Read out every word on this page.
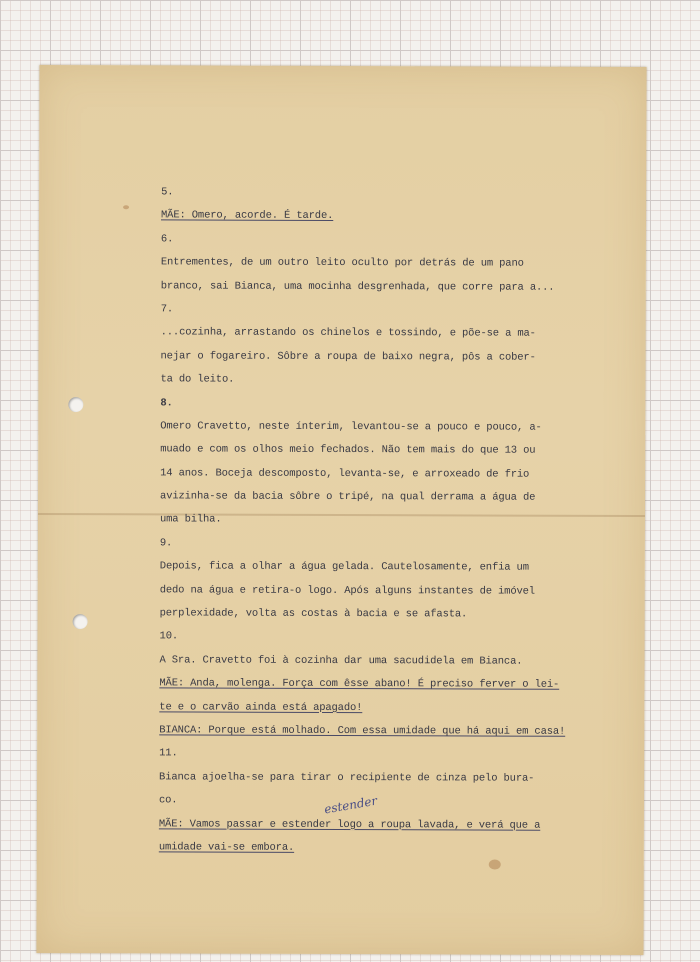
5.
MÃE: Omero, acorde. É tarde.
6.
Entrementes, de um outro leito oculto por detrás de um pano
branco, sai Bianca, uma mocinha desgrenhada, que corre para a...
7.
...cozinha, arrastando os chinelos e tossindo, e põe-se a ma-
nejar o fogareiro. Sôbre a roupa de baixo negra, pôs a cober-
ta do leito.
8.
Omero Cravetto, neste ínterim, levantou-se a pouco e pouco, a-
muado e com os olhos meio fechados. Não tem mais do que 13 ou
14 anos. Boceja descomposto, levanta-se, e arroxeado de frio
avizinha-se da bacia sôbre o tripé, na qual derrama a água de
uma bilha.
9.
Depois, fica a olhar a água gelada. Cautelosamente, enfia um
dedo na água e retira-o logo. Após alguns instantes de imóvel
perplexidade, volta as costas à bacia e se afasta.
10.
A Sra. Cravetto foi à cozinha dar uma sacudidela em Bianca.
MÃE: Anda, molenga. Força com êsse abano! É preciso ferver o lei-
te e o carvão ainda está apagado!
BIANCA: Porque está molhado. Com essa umidade que há aqui em casa!
11.
Bianca ajoelha-se para tirar o recipiente de cinza pelo bura-
co.
MÃE: Vamos passar e estender logo a roupa lavada, e verá que a
umidade vai-se embora.
estender
